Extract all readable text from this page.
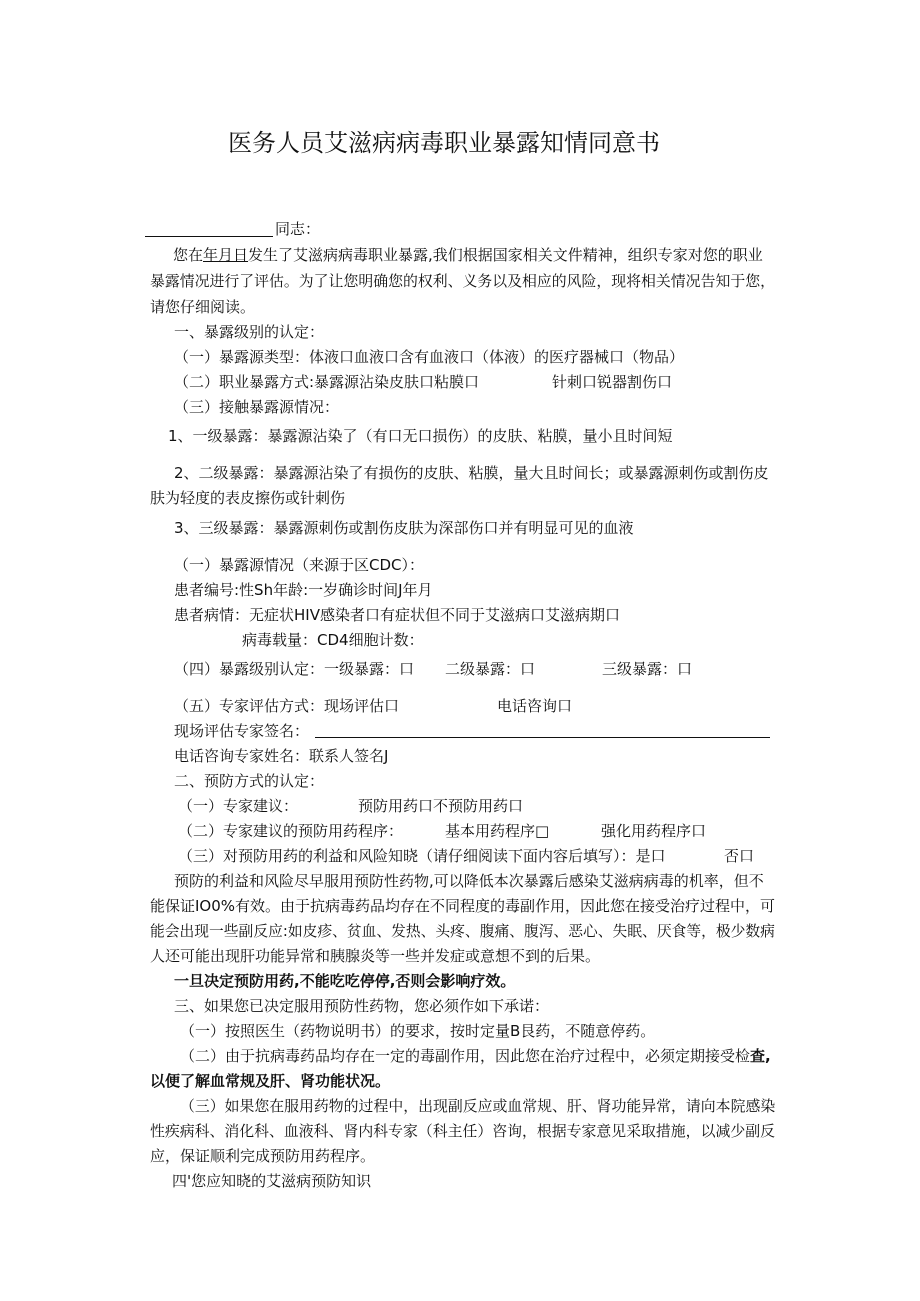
医务人员艾滋病病毒职业暴露知情同意书
同志：
您在年月日发生了艾滋病病毒职业暴露,我们根据国家相关文件精神，组织专家对您的职业
暴露情况进行了评估。为了让您明确您的权利、义务以及相应的风险，现将相关情况告知于您，
请您仔细阅读。
一、暴露级别的认定：
（一）暴露源类型：体液口血液口含有血液口（体液）的医疗器械口（物品）
（二）职业暴露方式:暴露源沾染皮肤口粘膜口	针刺口锐器割伤口
（三）接触暴露源情况：
1、一级暴露：暴露源沾染了（有口无口损伤）的皮肤、粘膜，量小且时间短
2、二级暴露：暴露源沾染了有损伤的皮肤、粘膜，量大且时间长；或暴露源刺伤或割伤皮
肤为轻度的表皮擦伤或针刺伤
3、三级暴露：暴露源刺伤或割伤皮肤为深部伤口并有明显可见的血液
（一）暴露源情况（来源于区CDC）：
患者编号:性Sh年龄:一岁确诊时间J年月
患者病情：无症状HIV感染者口有症状但不同于艾滋病口艾滋病期口
病毒载量：CD4细胞计数：
（四）暴露级别认定：一级暴露：口 二级暴露：口	三级暴露：口
（五）专家评估方式：现场评估口	电话咨询口
现场评估专家签名：
电话咨询专家姓名：联系人签名J
二、预防方式的认定：
（一）专家建议：	预防用药口不预防用药口
（二）专家建议的预防用药程序：	基本用药程序□	强化用药程序口
（三）对预防用药的利益和风险知晓（请仔细阅读下面内容后填写）：是口	否口
预防的利益和风险尽早服用预防性药物,可以降低本次暴露后感染艾滋病病毒的机率，但不
能保证IO0%有效。由于抗病毒药品均存在不同程度的毒副作用，因此您在接受治疗过程中，可
能会出现一些副反应:如皮疹、贫血、发热、头疼、腹痛、腹泻、恶心、失眠、厌食等，极少数病
人还可能出现肝功能异常和胰腺炎等一些并发症或意想不到的后果。
一旦决定预防用药,不能吃吃停停,否则会影响疗效。
三、如果您已决定服用预防性药物，您必须作如下承诺：
（一）按照医生（药物说明书）的要求，按时定量B艮药，不随意停药。
（二）由于抗病毒药品均存在一定的毒副作用，因此您在治疗过程中，必须定期接受检查,
以便了解血常规及肝、肾功能状况。
（三）如果您在服用药物的过程中，出现副反应或血常规、肝、肾功能异常，请向本院感染
性疾病科、消化科、血液科、肾内科专家（科主任）咨询，根据专家意见采取措施，以减少副反
应，保证顺利完成预防用药程序。
四'您应知晓的艾滋病预防知识
